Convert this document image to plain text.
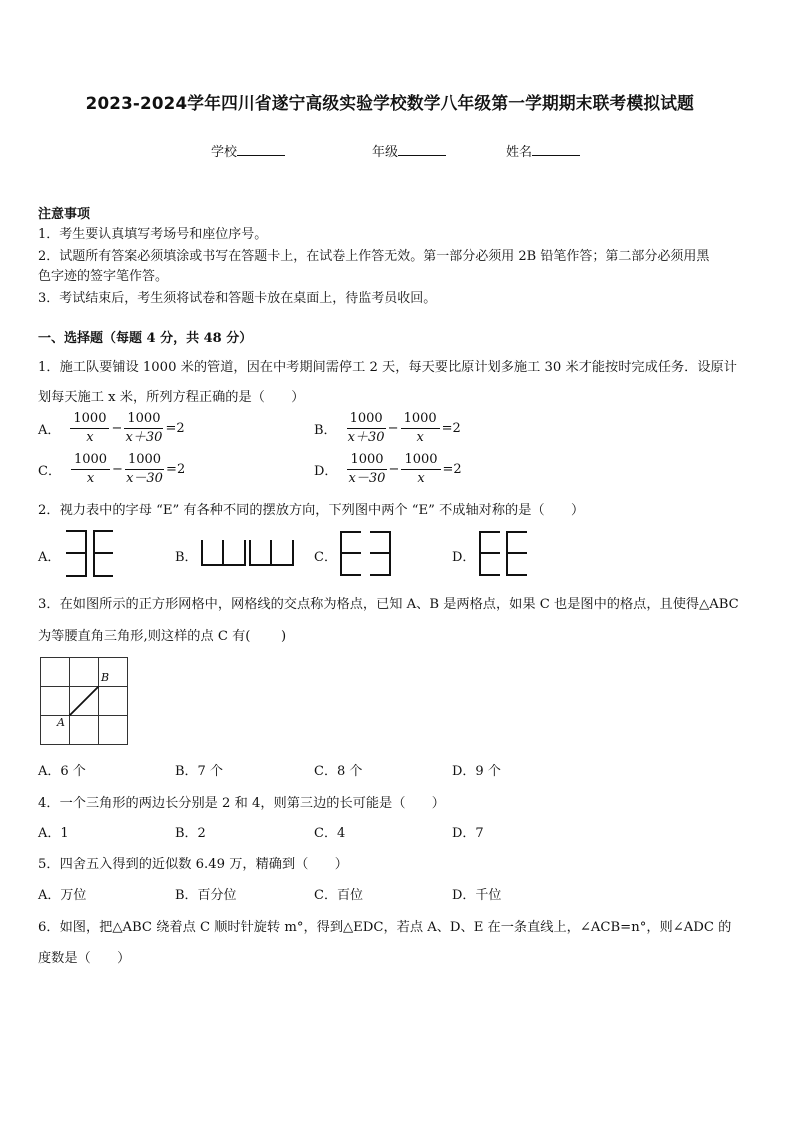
2023-2024学年四川省遂宁高级实验学校数学八年级第一学期期末联考模拟试题
学校	年级	姓名
注意事项
1．考生要认真填写考场号和座位序号。
2．试题所有答案必须填涂或书写在答题卡上，在试卷上作答无效。第一部分必须用 2B 铅笔作答；第二部分必须用黑
色字迹的签字笔作答。
3．考试结束后，考生须将试卷和答题卡放在桌面上，待监考员收回。
一、选择题（每题 4 分，共 48 分）
1．施工队要铺设 1000 米的管道，因在中考期间需停工 2 天，每天要比原计划多施工 30 米才能按时完成任务．设原计
划每天施工 x 米，所列方程正确的是（　　）
A． $\frac{1000}{x} - \frac{1000}{x+30} =2$	B． $\frac{1000}{x+30} - \frac{1000}{x} =2$
C． $\frac{1000}{x} - \frac{1000}{x-30} =2$	D． $\frac{1000}{x-30} - \frac{1000}{x} =2$
2．视力表中的字母 “E” 有各种不同的摆放方向，下列图中两个 “E” 不成轴对称的是（　　）
A．	B．	C．	D．
3．在如图所示的正方形网格中，网格线的交点称为格点，已知 A、B 是两格点，如果 C 也是图中的格点，且使得△ABC
为等腰直角三角形,则这样的点 C 有(　　 )
B
A
A．6 个	B．7 个	C．8 个	D．9 个
4．一个三角形的两边长分别是 2 和 4，则第三边的长可能是（　　）
A．1	B．2	C．4	D．7
5．四舍五入得到的近似数 6.49 万，精确到（　　）
A．万位	B．百分位	C．百位	D．千位
6．如图，把△ABC 绕着点 C 顺时针旋转 m°，得到△EDC，若点 A、D、E 在一条直线上，∠ACB=n°，则∠ADC 的
度数是（　　）
